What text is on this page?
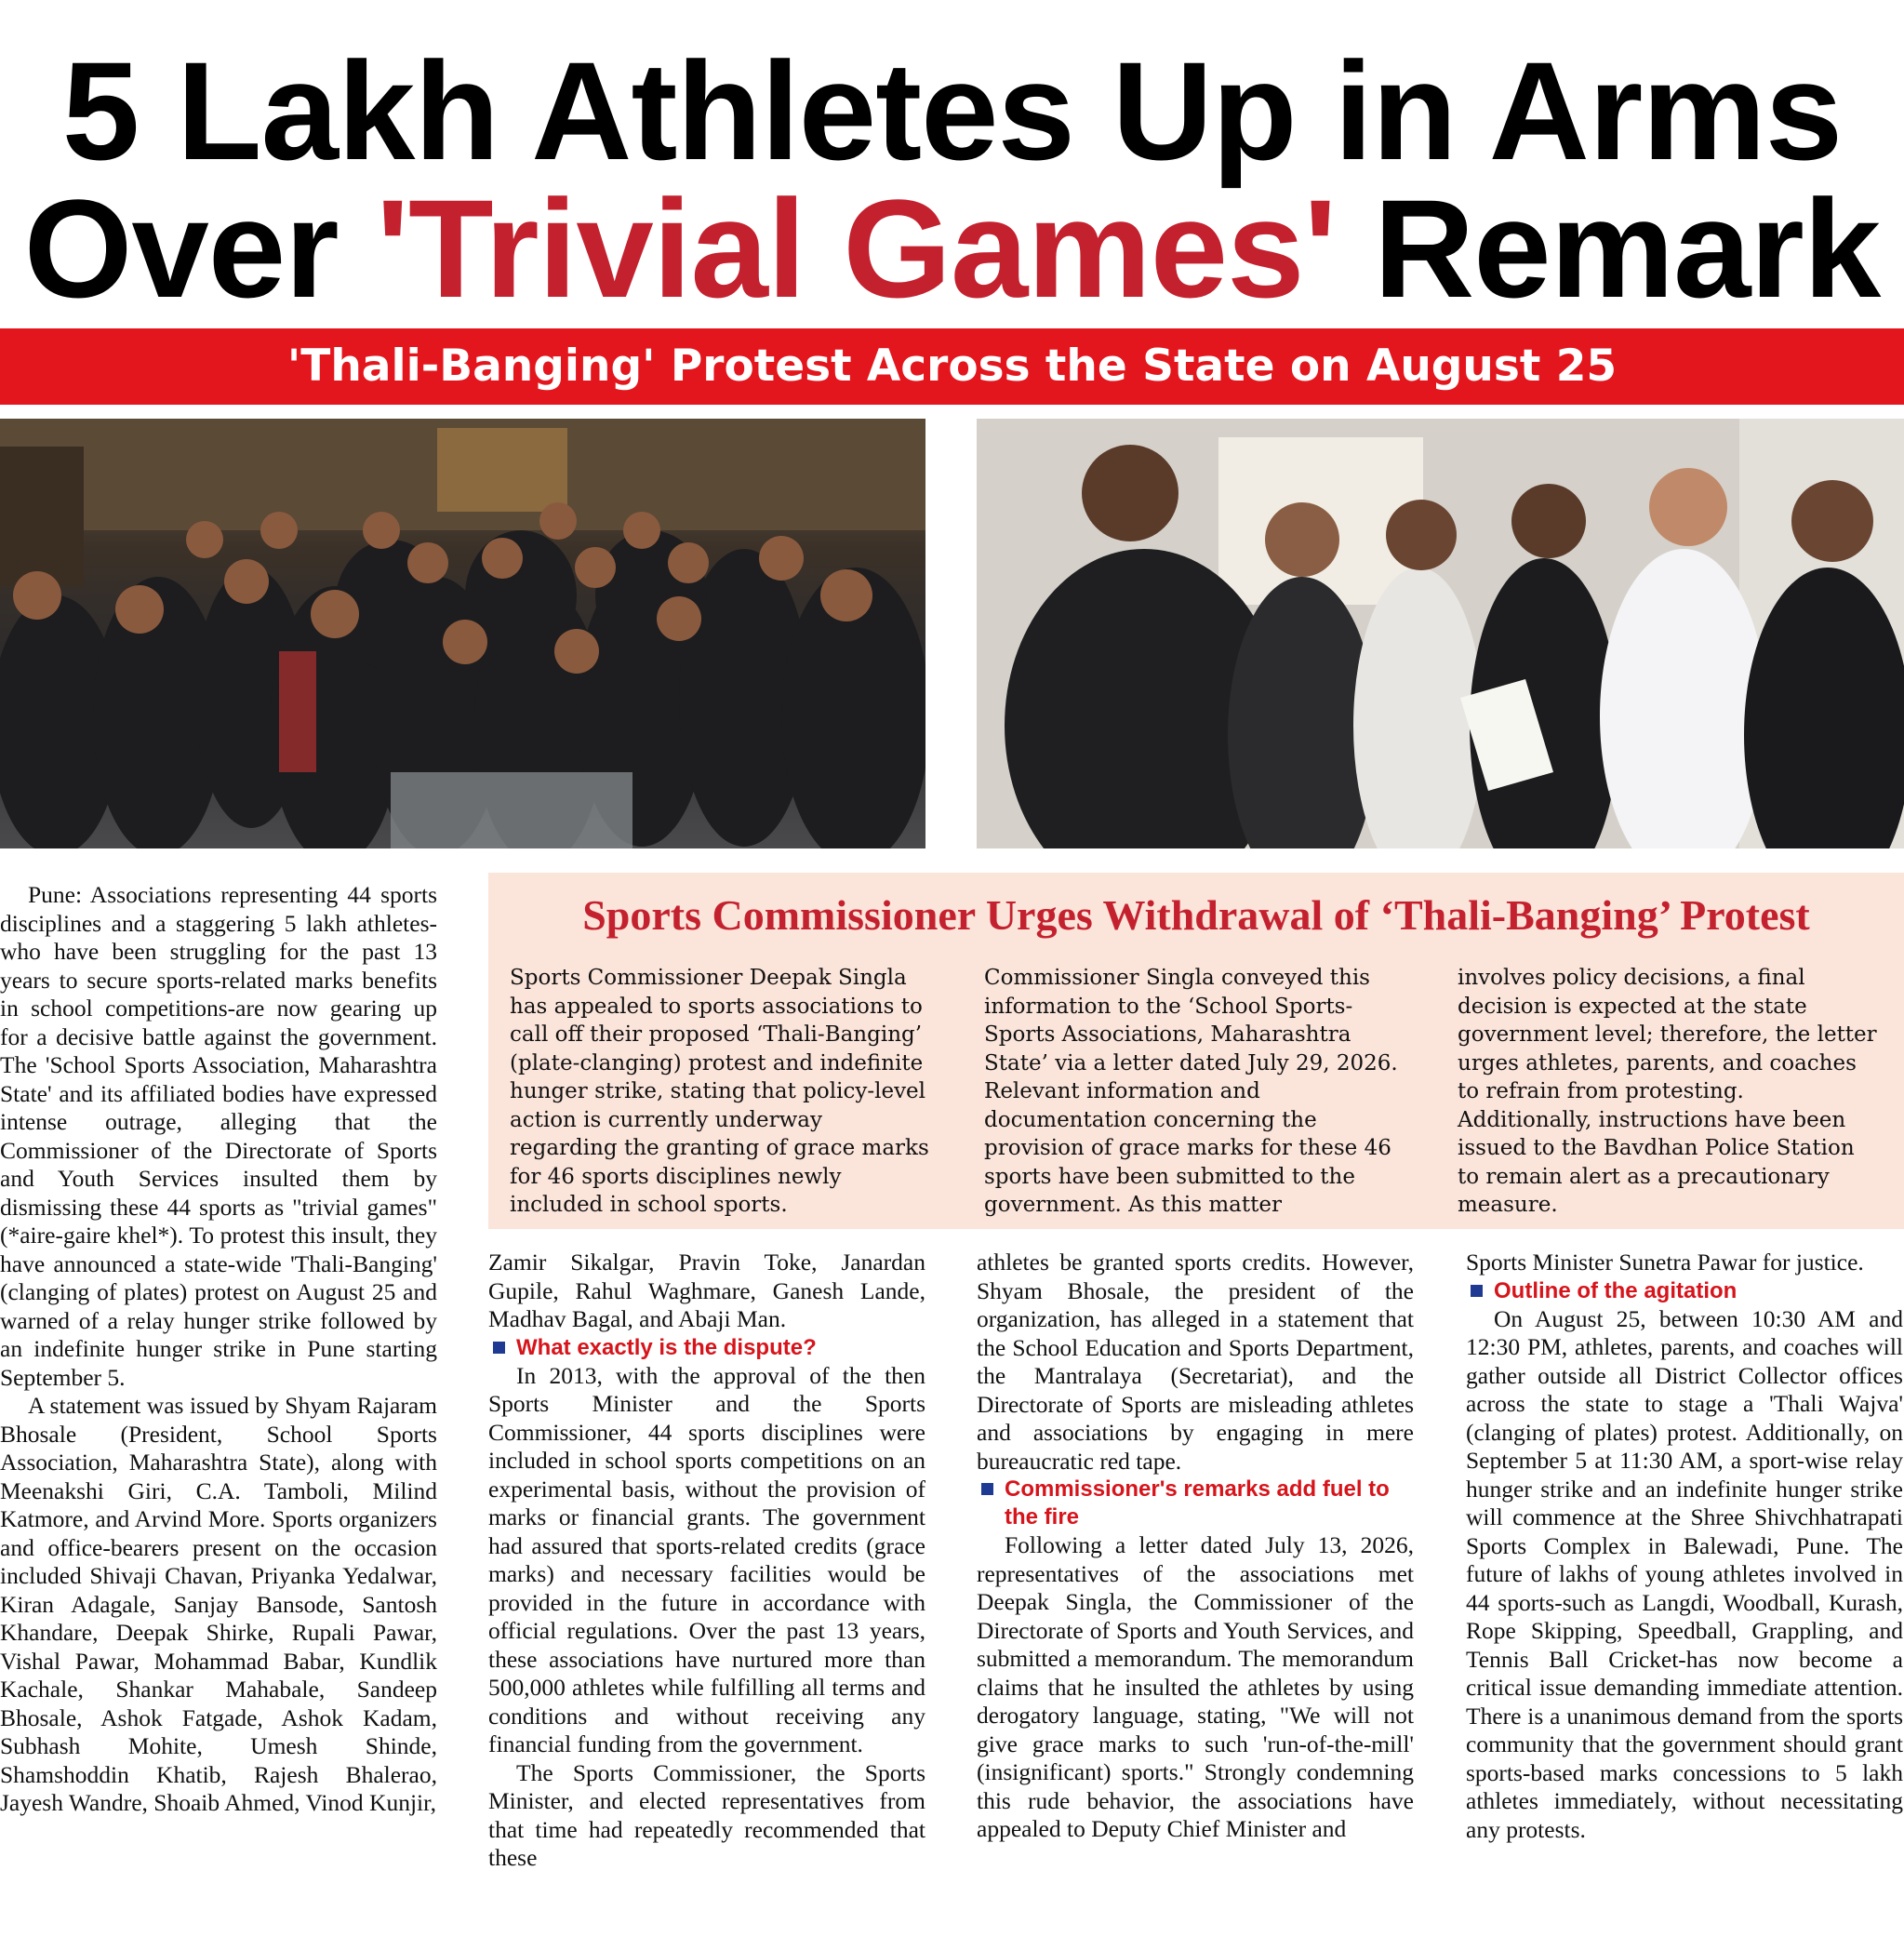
5 Lakh Athletes Up in Arms
Over 'Trivial Games' Remark
'Thali-Banging' Protest Across the State on August 25

Pune: Associations representing 44 sports disciplines and a staggering 5 lakh athletes-who have been struggling for the past 13 years to secure sports-related marks benefits in school competitions-are now gearing up for a decisive battle against the government. The 'School Sports Association, Maharashtra State' and its affiliated bodies have expressed intense outrage, alleging that the Commissioner of the Directorate of Sports and Youth Services insulted them by dismissing these 44 sports as "trivial games" (*aire-gaire khel*). To protest this insult, they have announced a state-wide 'Thali-Banging' (clanging of plates) protest on August 25 and warned of a relay hunger strike followed by an indefinite hunger strike in Pune starting September 5.

A statement was issued by Shyam Rajaram Bhosale (President, School Sports Association, Maharashtra State), along with Meenakshi Giri, C.A. Tamboli, Milind Katmore, and Arvind More. Sports organizers and office-bearers present on the occasion included Shivaji Chavan, Priyanka Yedalwar, Kiran Adagale, Sanjay Bansode, Santosh Khandare, Deepak Shirke, Rupali Pawar, Vishal Pawar, Mohammad Babar, Kundlik Kachale, Shankar Mahabale, Sandeep Bhosale, Ashok Fatgade, Ashok Kadam, Subhash Mohite, Umesh Shinde, Shamshoddin Khatib, Rajesh Bhalerao, Jayesh Wandre, Shoaib Ahmed, Vinod Kunjir,

Sports Commissioner Urges Withdrawal of ‘Thali-Banging’ Protest
Sports Commissioner Deepak Singla has appealed to sports associations to call off their proposed ‘Thali-Banging’ (plate-clanging) protest and indefinite hunger strike, stating that policy-level action is currently underway regarding the granting of grace marks for 46 sports disciplines newly included in school sports.
Commissioner Singla conveyed this information to the ‘School Sports-Sports Associations, Maharashtra State’ via a letter dated July 29, 2026. Relevant information and documentation concerning the provision of grace marks for these 46 sports have been submitted to the government. As this matter
involves policy decisions, a final decision is expected at the state government level; therefore, the letter urges athletes, parents, and coaches to refrain from protesting. Additionally, instructions have been issued to the Bavdhan Police Station to remain alert as a precautionary measure.

Zamir Sikalgar, Pravin Toke, Janardan Gupile, Rahul Waghmare, Ganesh Lande, Madhav Bagal, and Abaji Man.

What exactly is the dispute?

In 2013, with the approval of the then Sports Minister and the Sports Commissioner, 44 sports disciplines were included in school sports competitions on an experimental basis, without the provision of marks or financial grants. The government had assured that sports-related credits (grace marks) and necessary facilities would be provided in the future in accordance with official regulations. Over the past 13 years, these associations have nurtured more than 500,000 athletes while fulfilling all terms and conditions and without receiving any financial funding from the government.

The Sports Commissioner, the Sports Minister, and elected representatives from that time had repeatedly recommended that these

athletes be granted sports credits. However, Shyam Bhosale, the president of the organization, has alleged in a statement that the School Education and Sports Department, the Mantralaya (Secretariat), and the Directorate of Sports are misleading athletes and associations by engaging in mere bureaucratic red tape.

Commissioner's remarks add fuel to the fire

Following a letter dated July 13, 2026, representatives of the associations met Deepak Singla, the Commissioner of the Directorate of Sports and Youth Services, and submitted a memorandum. The memorandum claims that he insulted the athletes by using derogatory language, stating, "We will not give grace marks to such 'run-of-the-mill' (insignificant) sports." Strongly condemning this rude behavior, the associations have appealed to Deputy Chief Minister and

Sports Minister Sunetra Pawar for justice.

Outline of the agitation

On August 25, between 10:30 AM and 12:30 PM, athletes, parents, and coaches will gather outside all District Collector offices across the state to stage a 'Thali Wajva' (clanging of plates) protest. Additionally, on September 5 at 11:30 AM, a sport-wise relay hunger strike and an indefinite hunger strike will commence at the Shree Shivchhatrapati Sports Complex in Balewadi, Pune. The future of lakhs of young athletes involved in 44 sports-such as Langdi, Woodball, Kurash, Rope Skipping, Speedball, Grappling, and Tennis Ball Cricket-has now become a critical issue demanding immediate attention. There is a unanimous demand from the sports community that the government should grant sports-based marks concessions to 5 lakh athletes immediately, without necessitating any protests.
